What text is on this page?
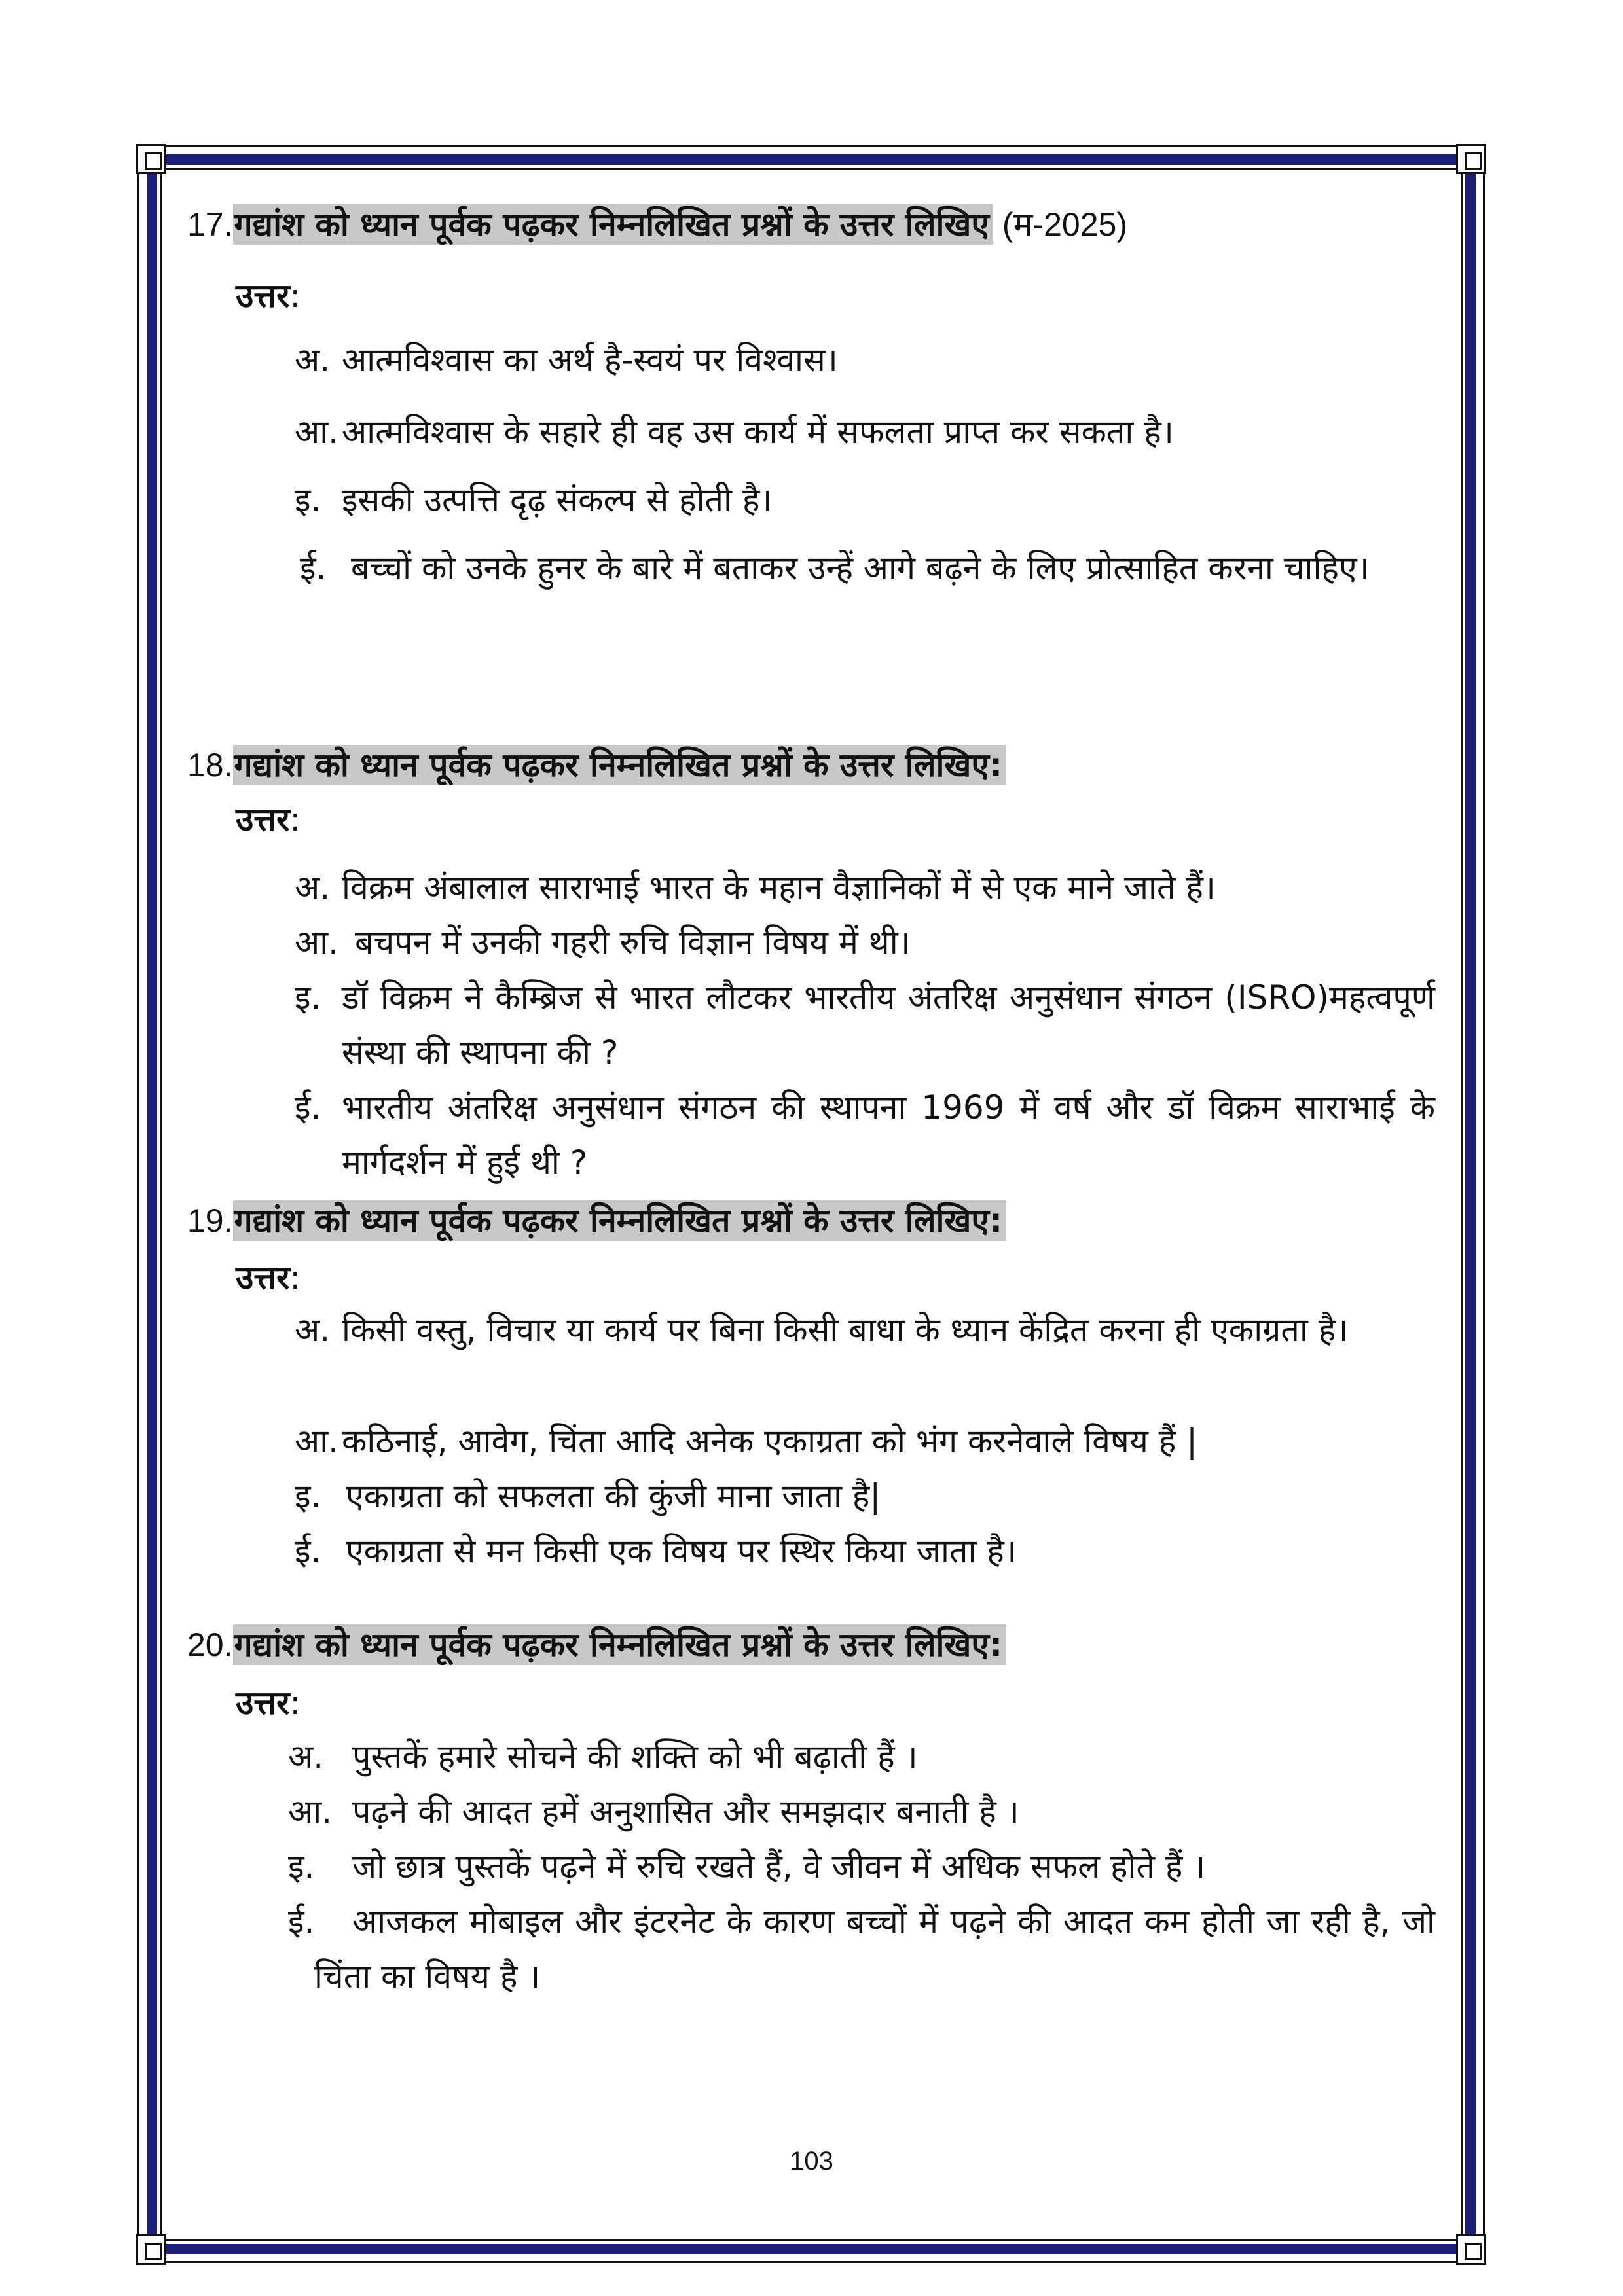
17.गद्यांश को ध्यान पूर्वक पढ़कर निम्नलिखित प्रश्नों के उत्तर लिखिए (म-2025)
उत्तर:
अ. आत्मविश्वास का अर्थ है-स्वयं पर विश्वास।
आ. आत्मविश्वास के सहारे ही वह उस कार्य में सफलता प्राप्त कर सकता है।
इ. इसकी उत्पत्ति दृढ़ संकल्प से होती है।
ई. बच्चों को उनके हुनर के बारे में बताकर उन्हें आगे बढ़ने के लिए प्रोत्साहित करना चाहिए।
18.गद्यांश को ध्यान पूर्वक पढ़कर निम्नलिखित प्रश्नों के उत्तर लिखिए:
उत्तर:
अ. विक्रम अंबालाल साराभाई भारत के महान वैज्ञानिकों में से एक माने जाते हैं।
आ. बचपन में उनकी गहरी रुचि विज्ञान विषय में थी।
इ. डॉ विक्रम ने कैम्ब्रिज से भारत लौटकर भारतीय अंतरिक्ष अनुसंधान संगठन (ISRO)महत्वपूर्ण संस्था की स्थापना की ?
ई. भारतीय अंतरिक्ष अनुसंधान संगठन की स्थापना 1969 में वर्ष और डॉ विक्रम साराभाई के मार्गदर्शन में हुई थी ?
19.गद्यांश को ध्यान पूर्वक पढ़कर निम्नलिखित प्रश्नों के उत्तर लिखिए:
उत्तर:
अ. किसी वस्तु, विचार या कार्य पर बिना किसी बाधा के ध्यान केंद्रित करना ही एकाग्रता है।
आ. कठिनाई, आवेग, चिंता आदि अनेक एकाग्रता को भंग करनेवाले विषय हैं |
इ. एकाग्रता को सफलता की कुंजी माना जाता है|
ई. एकाग्रता से मन किसी एक विषय पर स्थिर किया जाता है।
20.गद्यांश को ध्यान पूर्वक पढ़कर निम्नलिखित प्रश्नों के उत्तर लिखिए:
उत्तर:
अ. पुस्तकें हमारे सोचने की शक्ति को भी बढ़ाती हैं ।
आ. पढ़ने की आदत हमें अनुशासित और समझदार बनाती है ।
इ. जो छात्र पुस्तकें पढ़ने में रुचि रखते हैं, वे जीवन में अधिक सफल होते हैं ।
ई.	आजकल मोबाइल और इंटरनेट के कारण बच्चों में पढ़ने की आदत कम होती जा रही है, जो चिंता का विषय है ।
103
